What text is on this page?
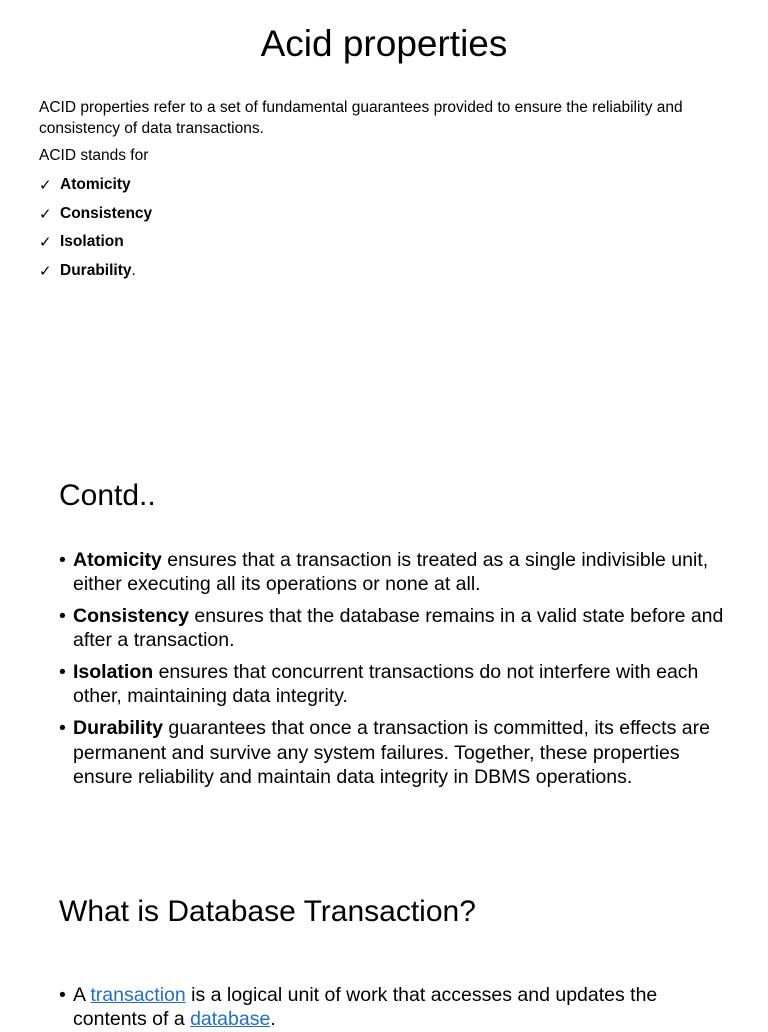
Acid properties
ACID properties refer to a set of fundamental guarantees provided to ensure the reliability and consistency of data transactions.
ACID stands for
✓ Atomicity
✓ Consistency
✓ Isolation
✓ Durability .
Contd..
• Atomicity ensures that a transaction is treated as a single indivisible unit, either executing all its operations or none at all.
• Consistency ensures that the database remains in a valid state before and after a transaction.
• Isolation ensures that concurrent transactions do not interfere with each other, maintaining data integrity.
• Durability guarantees that once a transaction is committed, its effects are permanent and survive any system failures. Together, these properties ensure reliability and maintain data integrity in DBMS operations.
What is Database Transaction?
• A transaction is a logical unit of work that accesses and updates the contents of a database.
